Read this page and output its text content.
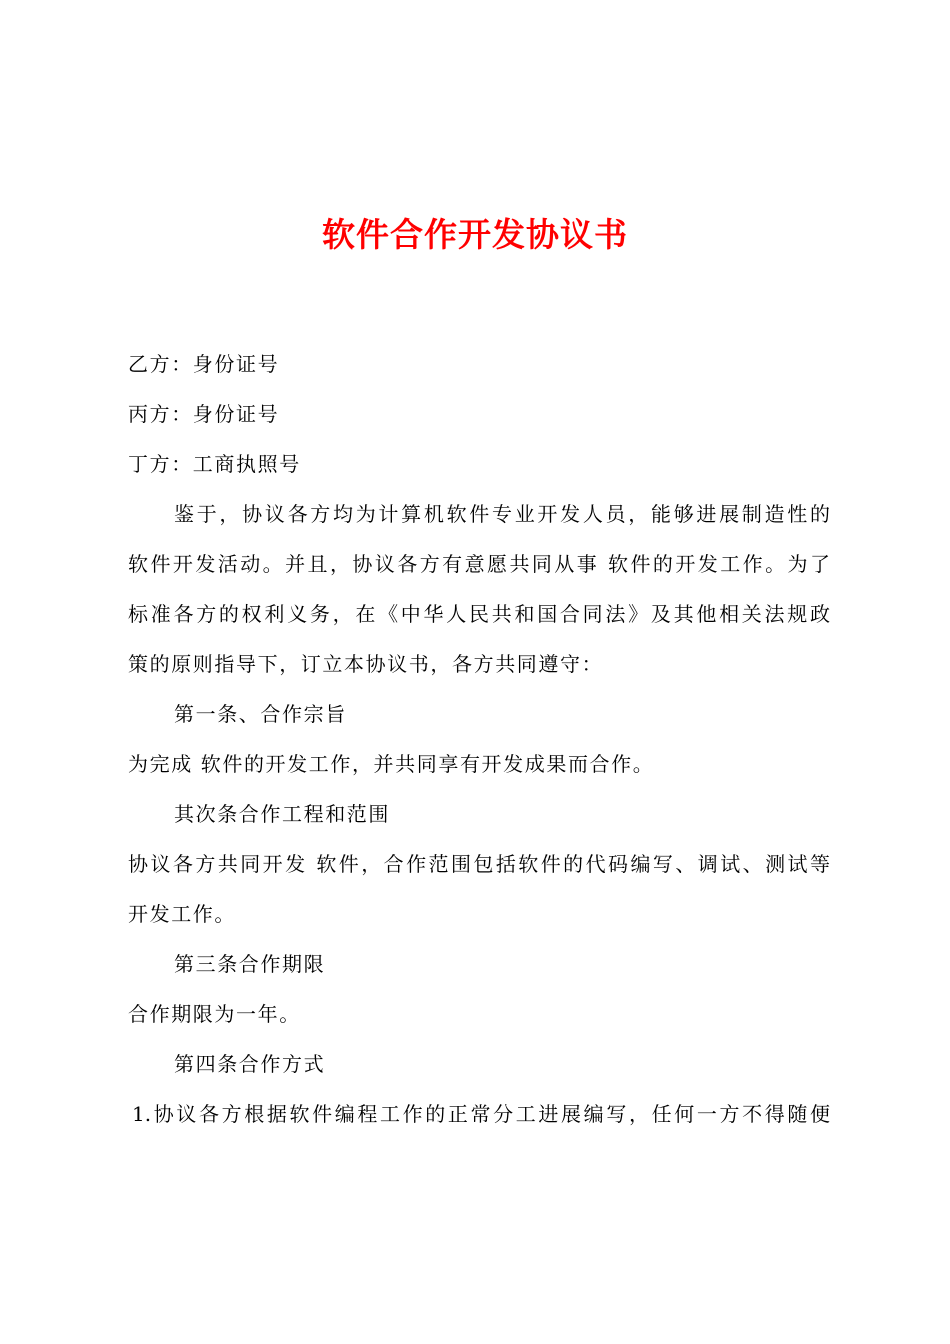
软件合作开发协议书
乙方：身份证号
丙方：身份证号
丁方：工商执照号
鉴于，协议各方均为计算机软件专业开发人员，能够进展制造性的
软件开发活动。并且，协议各方有意愿共同从事 软件的开发工作。为了
标准各方的权利义务，在《中华人民共和国合同法》及其他相关法规政
策的原则指导下，订立本协议书，各方共同遵守：
第一条、合作宗旨
为完成 软件的开发工作，并共同享有开发成果而合作。
其次条合作工程和范围
协议各方共同开发 软件，合作范围包括软件的代码编写、调试、测试等
开发工作。
第三条合作期限
合作期限为一年。
第四条合作方式
1.协议各方根据软件编程工作的正常分工进展编写，任何一方不得随便
